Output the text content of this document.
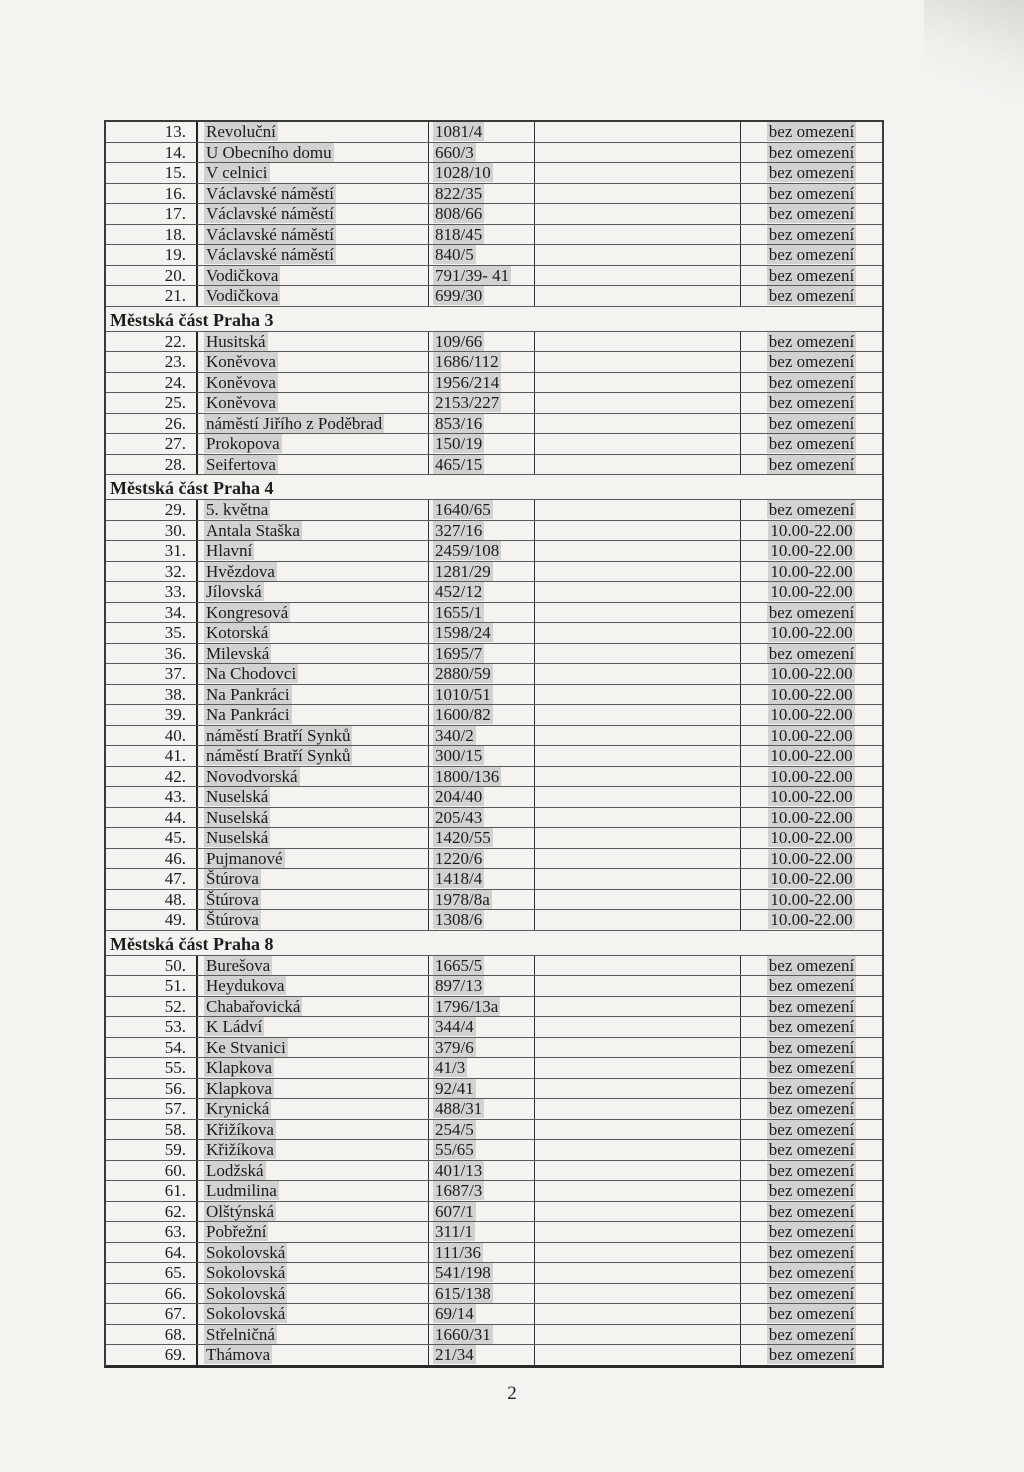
13.	Revoluční	1081/4	bez omezení
14.	U Obecního domu	660/3	bez omezení
15.	V celnici	1028/10	bez omezení
16.	Václavské náměstí	822/35	bez omezení
17.	Václavské náměstí	808/66	bez omezení
18.	Václavské náměstí	818/45	bez omezení
19.	Václavské náměstí	840/5	bez omezení
20.	Vodičkova	791/39- 41	bez omezení
21.	Vodičkova	699/30	bez omezení
Městská část Praha 3
22.	Husitská	109/66	bez omezení
23.	Koněvova	1686/112	bez omezení
24.	Koněvova	1956/214	bez omezení
25.	Koněvova	2153/227	bez omezení
26.	náměstí Jiřího z Poděbrad	853/16	bez omezení
27.	Prokopova	150/19	bez omezení
28.	Seifertova	465/15	bez omezení
Městská část Praha 4
29.	5. května	1640/65	bez omezení
30.	Antala Staška	327/16	10.00-22.00
31.	Hlavní	2459/108	10.00-22.00
32.	Hvězdova	1281/29	10.00-22.00
33.	Jílovská	452/12	10.00-22.00
34.	Kongresová	1655/1	bez omezení
35.	Kotorská	1598/24	10.00-22.00
36.	Milevská	1695/7	bez omezení
37.	Na Chodovci	2880/59	10.00-22.00
38.	Na Pankráci	1010/51	10.00-22.00
39.	Na Pankráci	1600/82	10.00-22.00
40.	náměstí Bratří Synků	340/2	10.00-22.00
41.	náměstí Bratří Synků	300/15	10.00-22.00
42.	Novodvorská	1800/136	10.00-22.00
43.	Nuselská	204/40	10.00-22.00
44.	Nuselská	205/43	10.00-22.00
45.	Nuselská	1420/55	10.00-22.00
46.	Pujmanové	1220/6	10.00-22.00
47.	Štúrova	1418/4	10.00-22.00
48.	Štúrova	1978/8a	10.00-22.00
49.	Štúrova	1308/6	10.00-22.00
Městská část Praha 8
50.	Burešova	1665/5	bez omezení
51.	Heydukova	897/13	bez omezení
52.	Chabařovická	1796/13a	bez omezení
53.	K Ládví	344/4	bez omezení
54.	Ke Stvanici	379/6	bez omezení
55.	Klapkova	41/3	bez omezení
56.	Klapkova	92/41	bez omezení
57.	Krynická	488/31	bez omezení
58.	Křižíkova	254/5	bez omezení
59.	Křižíkova	55/65	bez omezení
60.	Lodžská	401/13	bez omezení
61.	Ludmilina	1687/3	bez omezení
62.	Olštýnská	607/1	bez omezení
63.	Pobřežní	311/1	bez omezení
64.	Sokolovská	111/36	bez omezení
65.	Sokolovská	541/198	bez omezení
66.	Sokolovská	615/138	bez omezení
67.	Sokolovská	69/14	bez omezení
68.	Střelničná	1660/31	bez omezení
69.	Thámova	21/34	bez omezení
2
